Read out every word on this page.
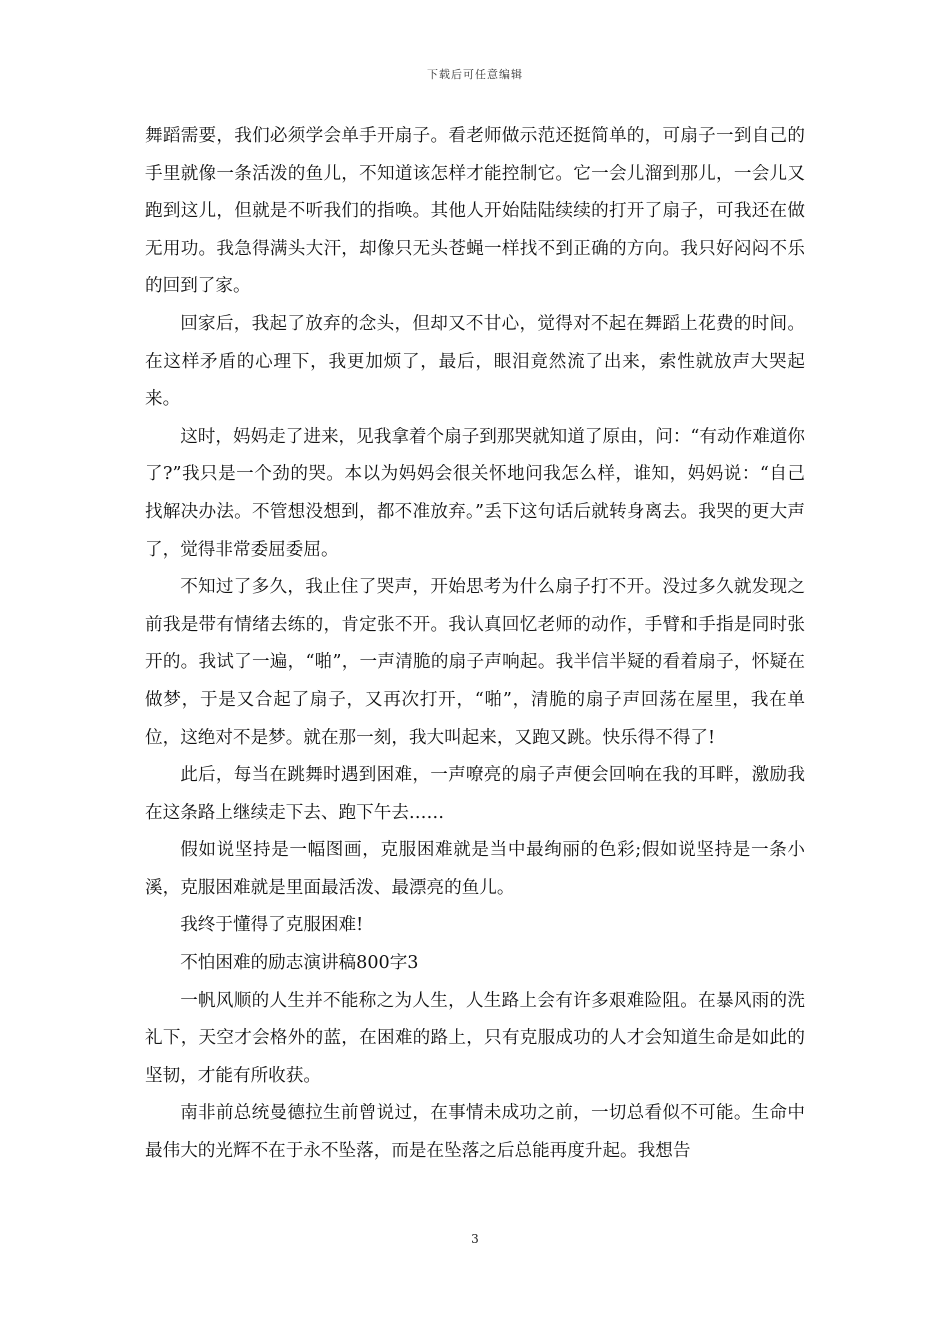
下载后可任意编辑

舞蹈需要，我们必须学会单手开扇子。看老师做示范还挺简单的，可扇子一到自己的手里就像一条活泼的鱼儿，不知道该怎样才能控制它。它一会儿溜到那儿，一会儿又跑到这儿，但就是不听我们的指唤。其他人开始陆陆续续的打开了扇子，可我还在做无用功。我急得满头大汗，却像只无头苍蝇一样找不到正确的方向。我只好闷闷不乐的回到了家。

回家后，我起了放弃的念头，但却又不甘心，觉得对不起在舞蹈上花费的时间。在这样矛盾的心理下，我更加烦了，最后，眼泪竟然流了出来，索性就放声大哭起来。

这时，妈妈走了进来，见我拿着个扇子到那哭就知道了原由，问：“有动作难道你了?”我只是一个劲的哭。本以为妈妈会很关怀地问我怎么样，谁知，妈妈说：“自己找解决办法。不管想没想到，都不准放弃。”丢下这句话后就转身离去。我哭的更大声了，觉得非常委屈委屈。

不知过了多久，我止住了哭声，开始思考为什么扇子打不开。没过多久就发现之前我是带有情绪去练的，肯定张不开。我认真回忆老师的动作，手臂和手指是同时张开的。我试了一遍，“啪”，一声清脆的扇子声响起。我半信半疑的看着扇子，怀疑在做梦，于是又合起了扇子，又再次打开，“啪”，清脆的扇子声回荡在屋里，我在单位，这绝对不是梦。就在那一刻，我大叫起来，又跑又跳。快乐得不得了!

此后，每当在跳舞时遇到困难，一声嘹亮的扇子声便会回响在我的耳畔，激励我在这条路上继续走下去、跑下午去……

假如说坚持是一幅图画，克服困难就是当中最绚丽的色彩;假如说坚持是一条小溪，克服困难就是里面最活泼、最漂亮的鱼儿。

我终于懂得了克服困难!

不怕困难的励志演讲稿800字3

一帆风顺的人生并不能称之为人生，人生路上会有许多艰难险阻。在暴风雨的洗礼下，天空才会格外的蓝，在困难的路上，只有克服成功的人才会知道生命是如此的坚韧，才能有所收获。

南非前总统曼德拉生前曾说过，在事情未成功之前，一切总看似不可能。生命中最伟大的光辉不在于永不坠落，而是在坠落之后总能再度升起。我想告

3
